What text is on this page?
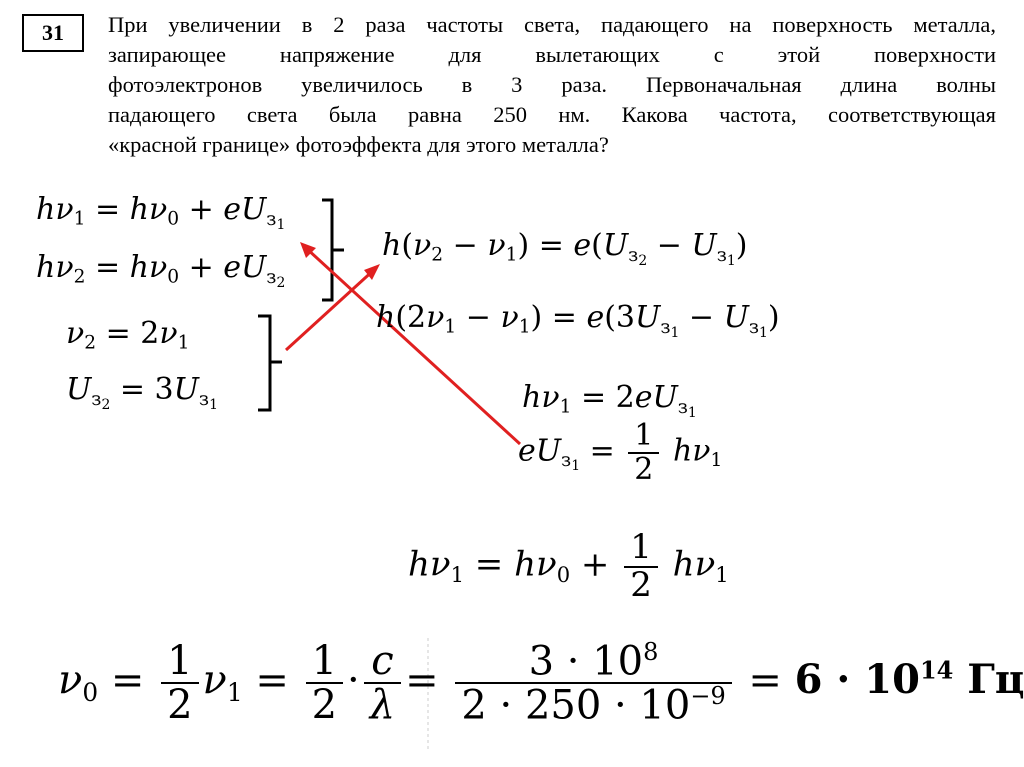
31	При увеличении в 2 раза частоты света, падающего на поверхность металла,
запирающее напряжение для вылетающих с этой поверхности
фотоэлектронов увеличилось в 3 раза. Первоначальная длина волны
падающего света была равна 250 нм. Какова частота, соответствующая
«красной границе» фотоэффекта для этого металла?
$h\nu_1 = h\nu_0 + eU_{з_1}$
$h\nu_2 = h\nu_0 + eU_{з_2}$
$\nu_2 = 2\nu_1$
$U_{з_2} = 3U_{з_1}$
$h(\nu_2 - \nu_1) = e(U_{з_2} - U_{з_1})$
$h(2\nu_1 - \nu_1) = e(3U_{з_1} - U_{з_1})$
$h\nu_1 = 2eU_{з_1}$
$eU_{з_1} = \frac{1}{2} h\nu_1$
$h\nu_1 = h\nu_0 + \frac{1}{2} h\nu_1$
$\nu_0 = \frac{1}{2} \nu_1 = \frac{1}{2} \cdot \frac{c}{\lambda} = \frac{3 \cdot 10^8}{2 \cdot 250 \cdot 10^{-9}} = 6 \cdot 10^{14}$ Гц
